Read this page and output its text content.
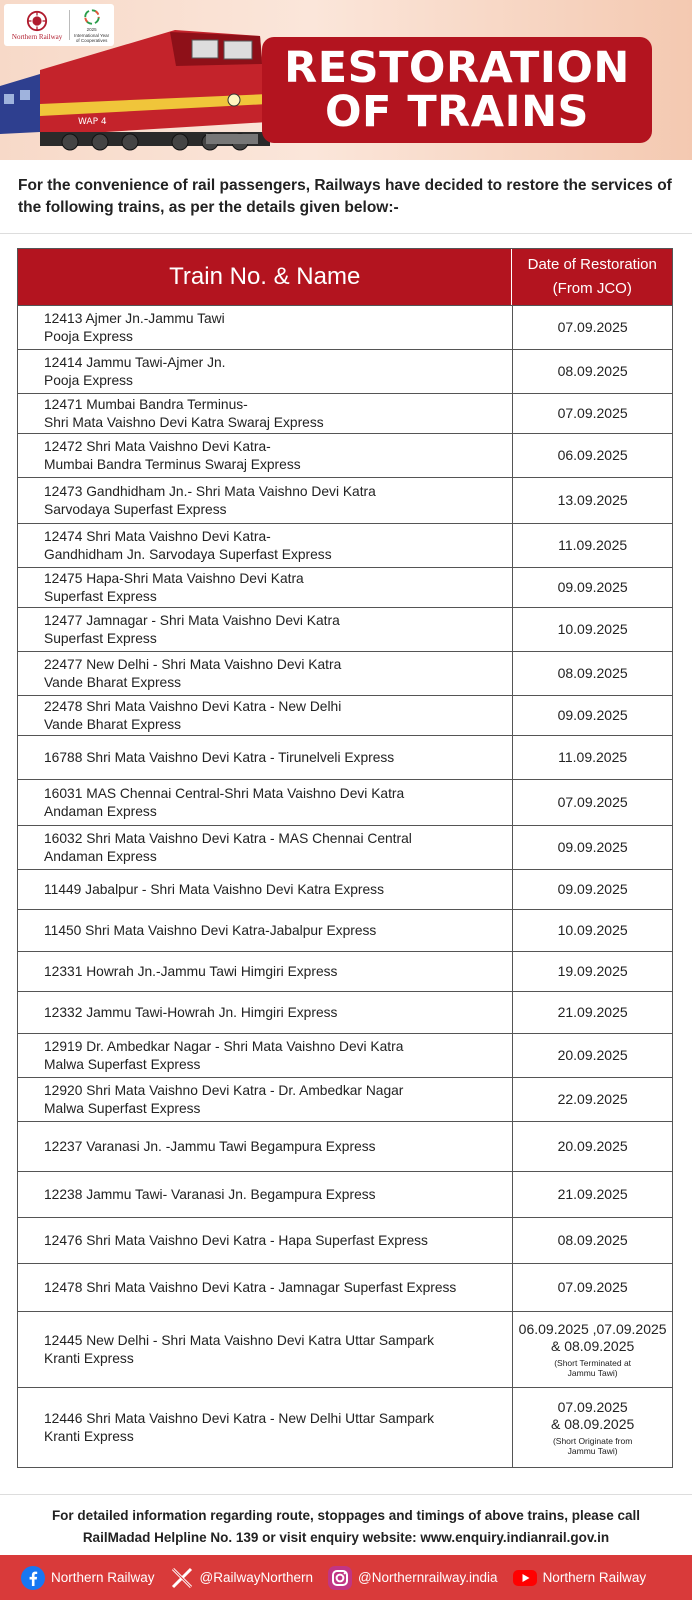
Northern Railway
2025
International Year of Cooperatives
WAP 4
RESTORATION
OF TRAINS
For the convenience of rail passengers, Railways have decided to restore the services of the following trains, as per the details given below:-
Train No. & Name	Date of Restoration
(From JCO)
12413 Ajmer Jn.-Jammu Tawi
Pooja Express
07.09.2025
12414 Jammu Tawi-Ajmer Jn.
Pooja Express
08.09.2025
12471 Mumbai Bandra Terminus-
Shri Mata Vaishno Devi Katra Swaraj Express
07.09.2025
12472 Shri Mata Vaishno Devi Katra-
Mumbai Bandra Terminus Swaraj Express
06.09.2025
12473 Gandhidham Jn.- Shri Mata Vaishno Devi Katra
Sarvodaya Superfast Express
13.09.2025
12474 Shri Mata Vaishno Devi Katra-
Gandhidham Jn. Sarvodaya Superfast Express
11.09.2025
12475 Hapa-Shri Mata Vaishno Devi Katra
Superfast Express
09.09.2025
12477 Jamnagar - Shri Mata Vaishno Devi Katra
Superfast Express
10.09.2025
22477 New Delhi - Shri Mata Vaishno Devi Katra
Vande Bharat Express
08.09.2025
22478 Shri Mata Vaishno Devi Katra - New Delhi
Vande Bharat Express
09.09.2025
16788 Shri Mata Vaishno Devi Katra - Tirunelveli Express	11.09.2025
16031 MAS Chennai Central-Shri Mata Vaishno Devi Katra
Andaman Express
07.09.2025
16032 Shri Mata Vaishno Devi Katra - MAS Chennai Central
Andaman Express
09.09.2025
11449 Jabalpur - Shri Mata Vaishno Devi Katra Express	09.09.2025
11450 Shri Mata Vaishno Devi Katra-Jabalpur Express	10.09.2025
12331 Howrah Jn.-Jammu Tawi Himgiri Express	19.09.2025
12332 Jammu Tawi-Howrah Jn. Himgiri Express	21.09.2025
12919 Dr. Ambedkar Nagar - Shri Mata Vaishno Devi Katra
Malwa Superfast Express
20.09.2025
12920 Shri Mata Vaishno Devi Katra - Dr. Ambedkar Nagar
Malwa Superfast Express
22.09.2025
12237 Varanasi Jn. -Jammu Tawi Begampura Express	20.09.2025
12238 Jammu Tawi- Varanasi Jn. Begampura Express	21.09.2025
12476 Shri Mata Vaishno Devi Katra - Hapa Superfast Express	08.09.2025
12478 Shri Mata Vaishno Devi Katra - Jamnagar Superfast Express	07.09.2025
12445 New Delhi - Shri Mata Vaishno Devi Katra Uttar Sampark
Kranti Express
06.09.2025 ,07.09.2025
& 08.09.2025
(Short Terminated at
Jammu Tawi)
12446 Shri Mata Vaishno Devi Katra - New Delhi Uttar Sampark
Kranti Express
07.09.2025
& 08.09.2025
(Short Originate from
Jammu Tawi)
For detailed information regarding route, stoppages and timings of above trains, please call
RailMadad Helpline No. 139 or visit enquiry website: www.enquiry.indianrail.gov.in
Northern Railway	@RailwayNorthern	@Northernrailway.india	Northern Railway
